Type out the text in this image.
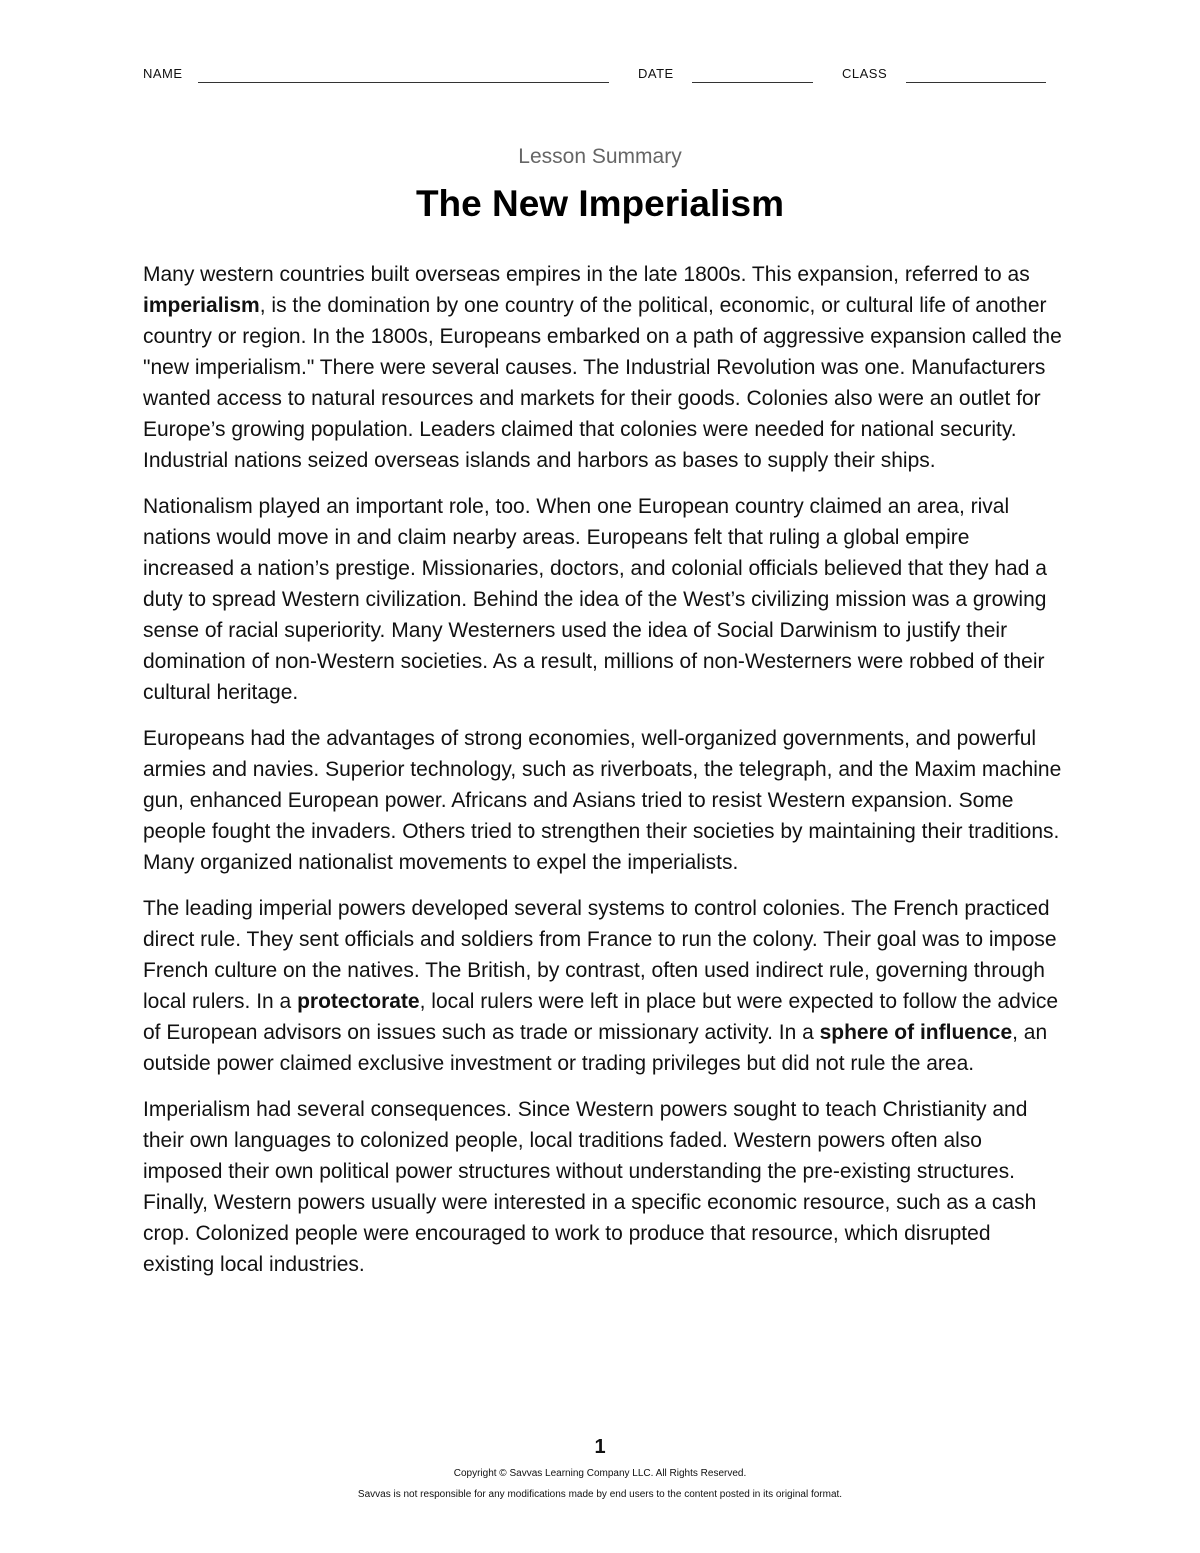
NAME	DATE	CLASS
Lesson Summary
The New Imperialism

Many western countries built overseas empires in the late 1800s. This expansion, referred to as imperialism, is the domination by one country of the political, economic, or cultural life of another country or region. In the 1800s, Europeans embarked on a path of aggressive expansion called the "new imperialism." There were several causes. The Industrial Revolution was one. Manufacturers wanted access to natural resources and markets for their goods. Colonies also were an outlet for Europe’s growing population. Leaders claimed that colonies were needed for national security. Industrial nations seized overseas islands and harbors as bases to supply their ships.

Nationalism played an important role, too. When one European country claimed an area, rival nations would move in and claim nearby areas. Europeans felt that ruling a global empire increased a nation’s prestige. Missionaries, doctors, and colonial officials believed that they had a duty to spread Western civilization. Behind the idea of the West’s civilizing mission was a growing sense of racial superiority. Many Westerners used the idea of Social Darwinism to justify their domination of non-Western societies. As a result, millions of non-Westerners were robbed of their cultural heritage.

Europeans had the advantages of strong economies, well-organized governments, and powerful armies and navies. Superior technology, such as riverboats, the telegraph, and the Maxim machine gun, enhanced European power. Africans and Asians tried to resist Western expansion. Some people fought the invaders. Others tried to strengthen their societies by maintaining their traditions. Many organized nationalist movements to expel the imperialists.

The leading imperial powers developed several systems to control colonies. The French practiced direct rule. They sent officials and soldiers from France to run the colony. Their goal was to impose French culture on the natives. The British, by contrast, often used indirect rule, governing through local rulers. In a protectorate, local rulers were left in place but were expected to follow the advice of European advisors on issues such as trade or missionary activity. In a sphere of influence, an outside power claimed exclusive investment or trading privileges but did not rule the area.

Imperialism had several consequences. Since Western powers sought to teach Christianity and their own languages to colonized people, local traditions faded. Western powers often also imposed their own political power structures without understanding the pre-existing structures. Finally, Western powers usually were interested in a specific economic resource, such as a cash crop. Colonized people were encouraged to work to produce that resource, which disrupted existing local industries.

1
Copyright © Savvas Learning Company LLC. All Rights Reserved.
Savvas is not responsible for any modifications made by end users to the content posted in its original format.
